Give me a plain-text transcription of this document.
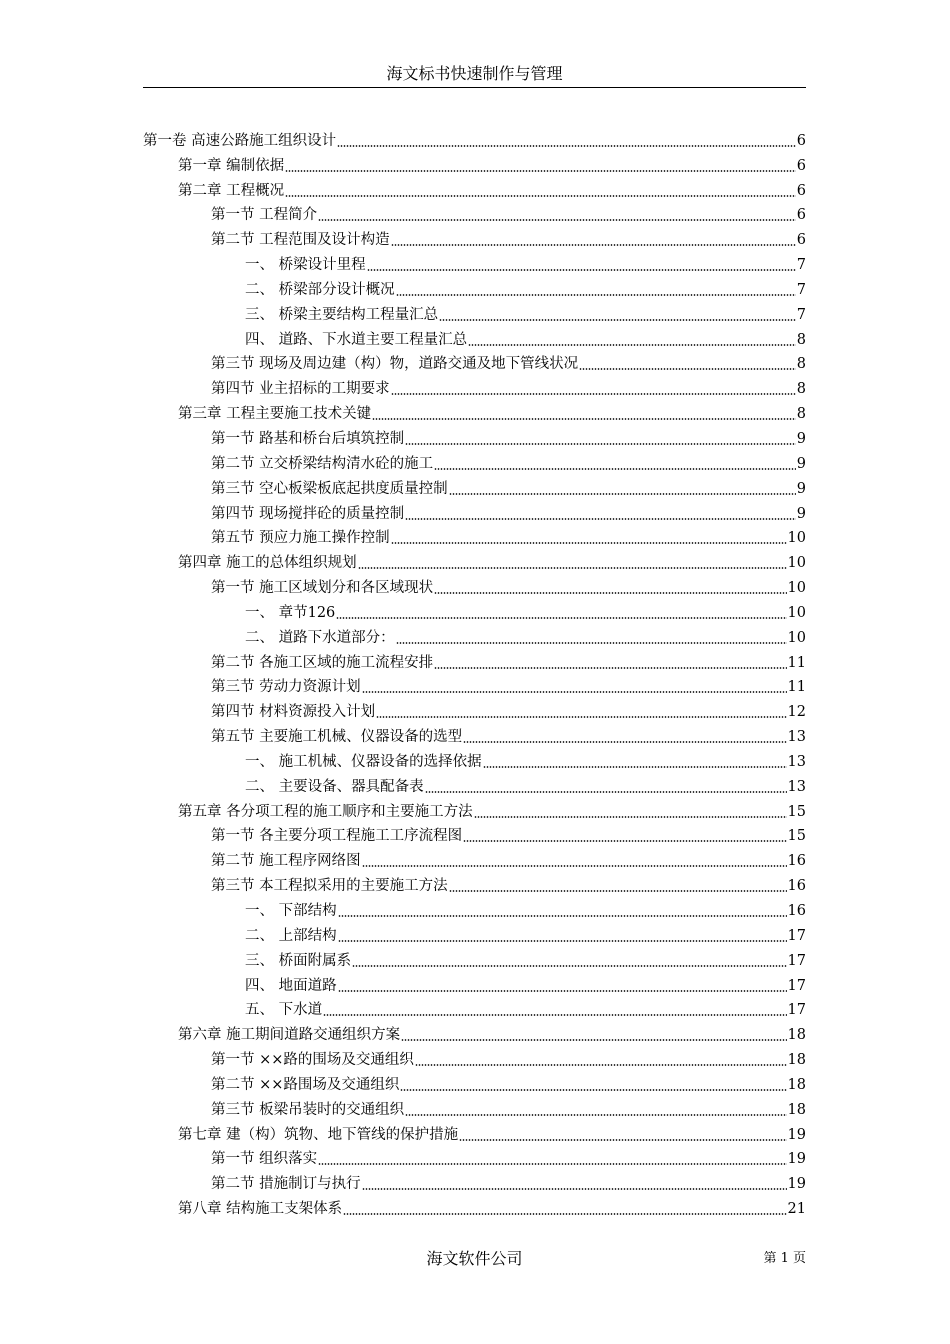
海文标书快速制作与管理
第一卷 高速公路施工组织设计	6
第一章 编制依据	6
第二章 工程概况	6
第一节 工程简介	6
第二节 工程范围及设计构造	6
一、 桥梁设计里程	7
二、 桥梁部分设计概况	7
三、 桥梁主要结构工程量汇总	7
四、 道路、下水道主要工程量汇总	8
第三节 现场及周边建（构）物，道路交通及地下管线状况	8
第四节 业主招标的工期要求	8
第三章 工程主要施工技术关键	8
第一节 路基和桥台后填筑控制	9
第二节 立交桥梁结构清水砼的施工	9
第三节 空心板梁板底起拱度质量控制	9
第四节 现场搅拌砼的质量控制	9
第五节 预应力施工操作控制	10
第四章 施工的总体组织规划	10
第一节 施工区域划分和各区域现状	10
一、 章节126	10
二、 道路下水道部分：	10
第二节 各施工区域的施工流程安排	11
第三节 劳动力资源计划	11
第四节 材料资源投入计划	12
第五节 主要施工机械、仪器设备的选型	13
一、 施工机械、仪器设备的选择依据	13
二、 主要设备、器具配备表	13
第五章 各分项工程的施工顺序和主要施工方法	15
第一节 各主要分项工程施工工序流程图	15
第二节 施工程序网络图	16
第三节 本工程拟采用的主要施工方法	16
一、 下部结构	16
二、 上部结构	17
三、 桥面附属系	17
四、 地面道路	17
五、 下水道	17
第六章 施工期间道路交通组织方案	18
第一节 ××路的围场及交通组织	18
第二节 ××路围场及交通组织	18
第三节 板梁吊装时的交通组织	18
第七章 建（构）筑物、地下管线的保护措施	19
第一节 组织落实	19
第二节 措施制订与执行	19
第八章 结构施工支架体系	21
海文软件公司	第 1 页
